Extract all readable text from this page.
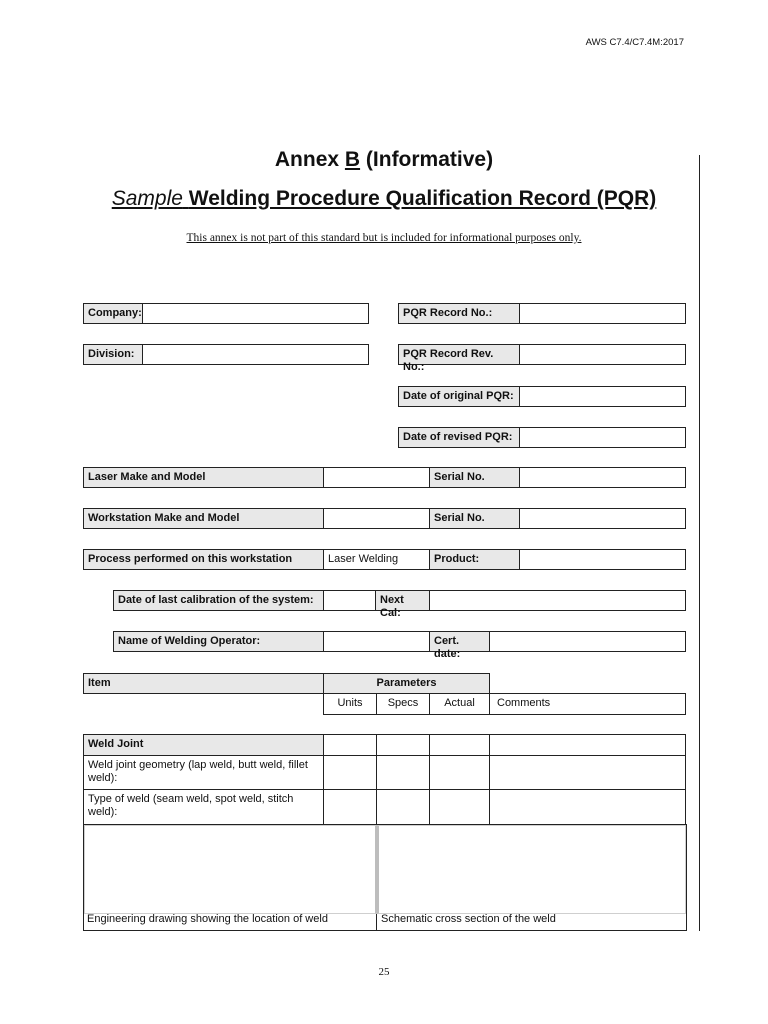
AWS C7.4/C7.4M:2017
Annex B (Informative)
Sample Welding Procedure Qualification Record (PQR)
This annex is not part of this standard but is included for informational purposes only.
Company:
Division:
PQR Record No.:
PQR Record Rev. No.:
Date of original PQR:
Date of revised PQR:
Laser Make and Model	Serial No.
Workstation Make and Model	Serial No.
Process performed on this workstation	Laser Welding	Product:
Date of last calibration of the system:	Next Cal:
Name of Welding Operator:	Cert. date:
Item	Parameters
Units	Specs	Actual	Comments
Weld Joint
Weld joint geometry (lap weld, butt weld, fillet weld):
Type of weld (seam weld, spot weld, stitch weld):
Engineering drawing showing the location of weld	Schematic cross section of the weld
25
